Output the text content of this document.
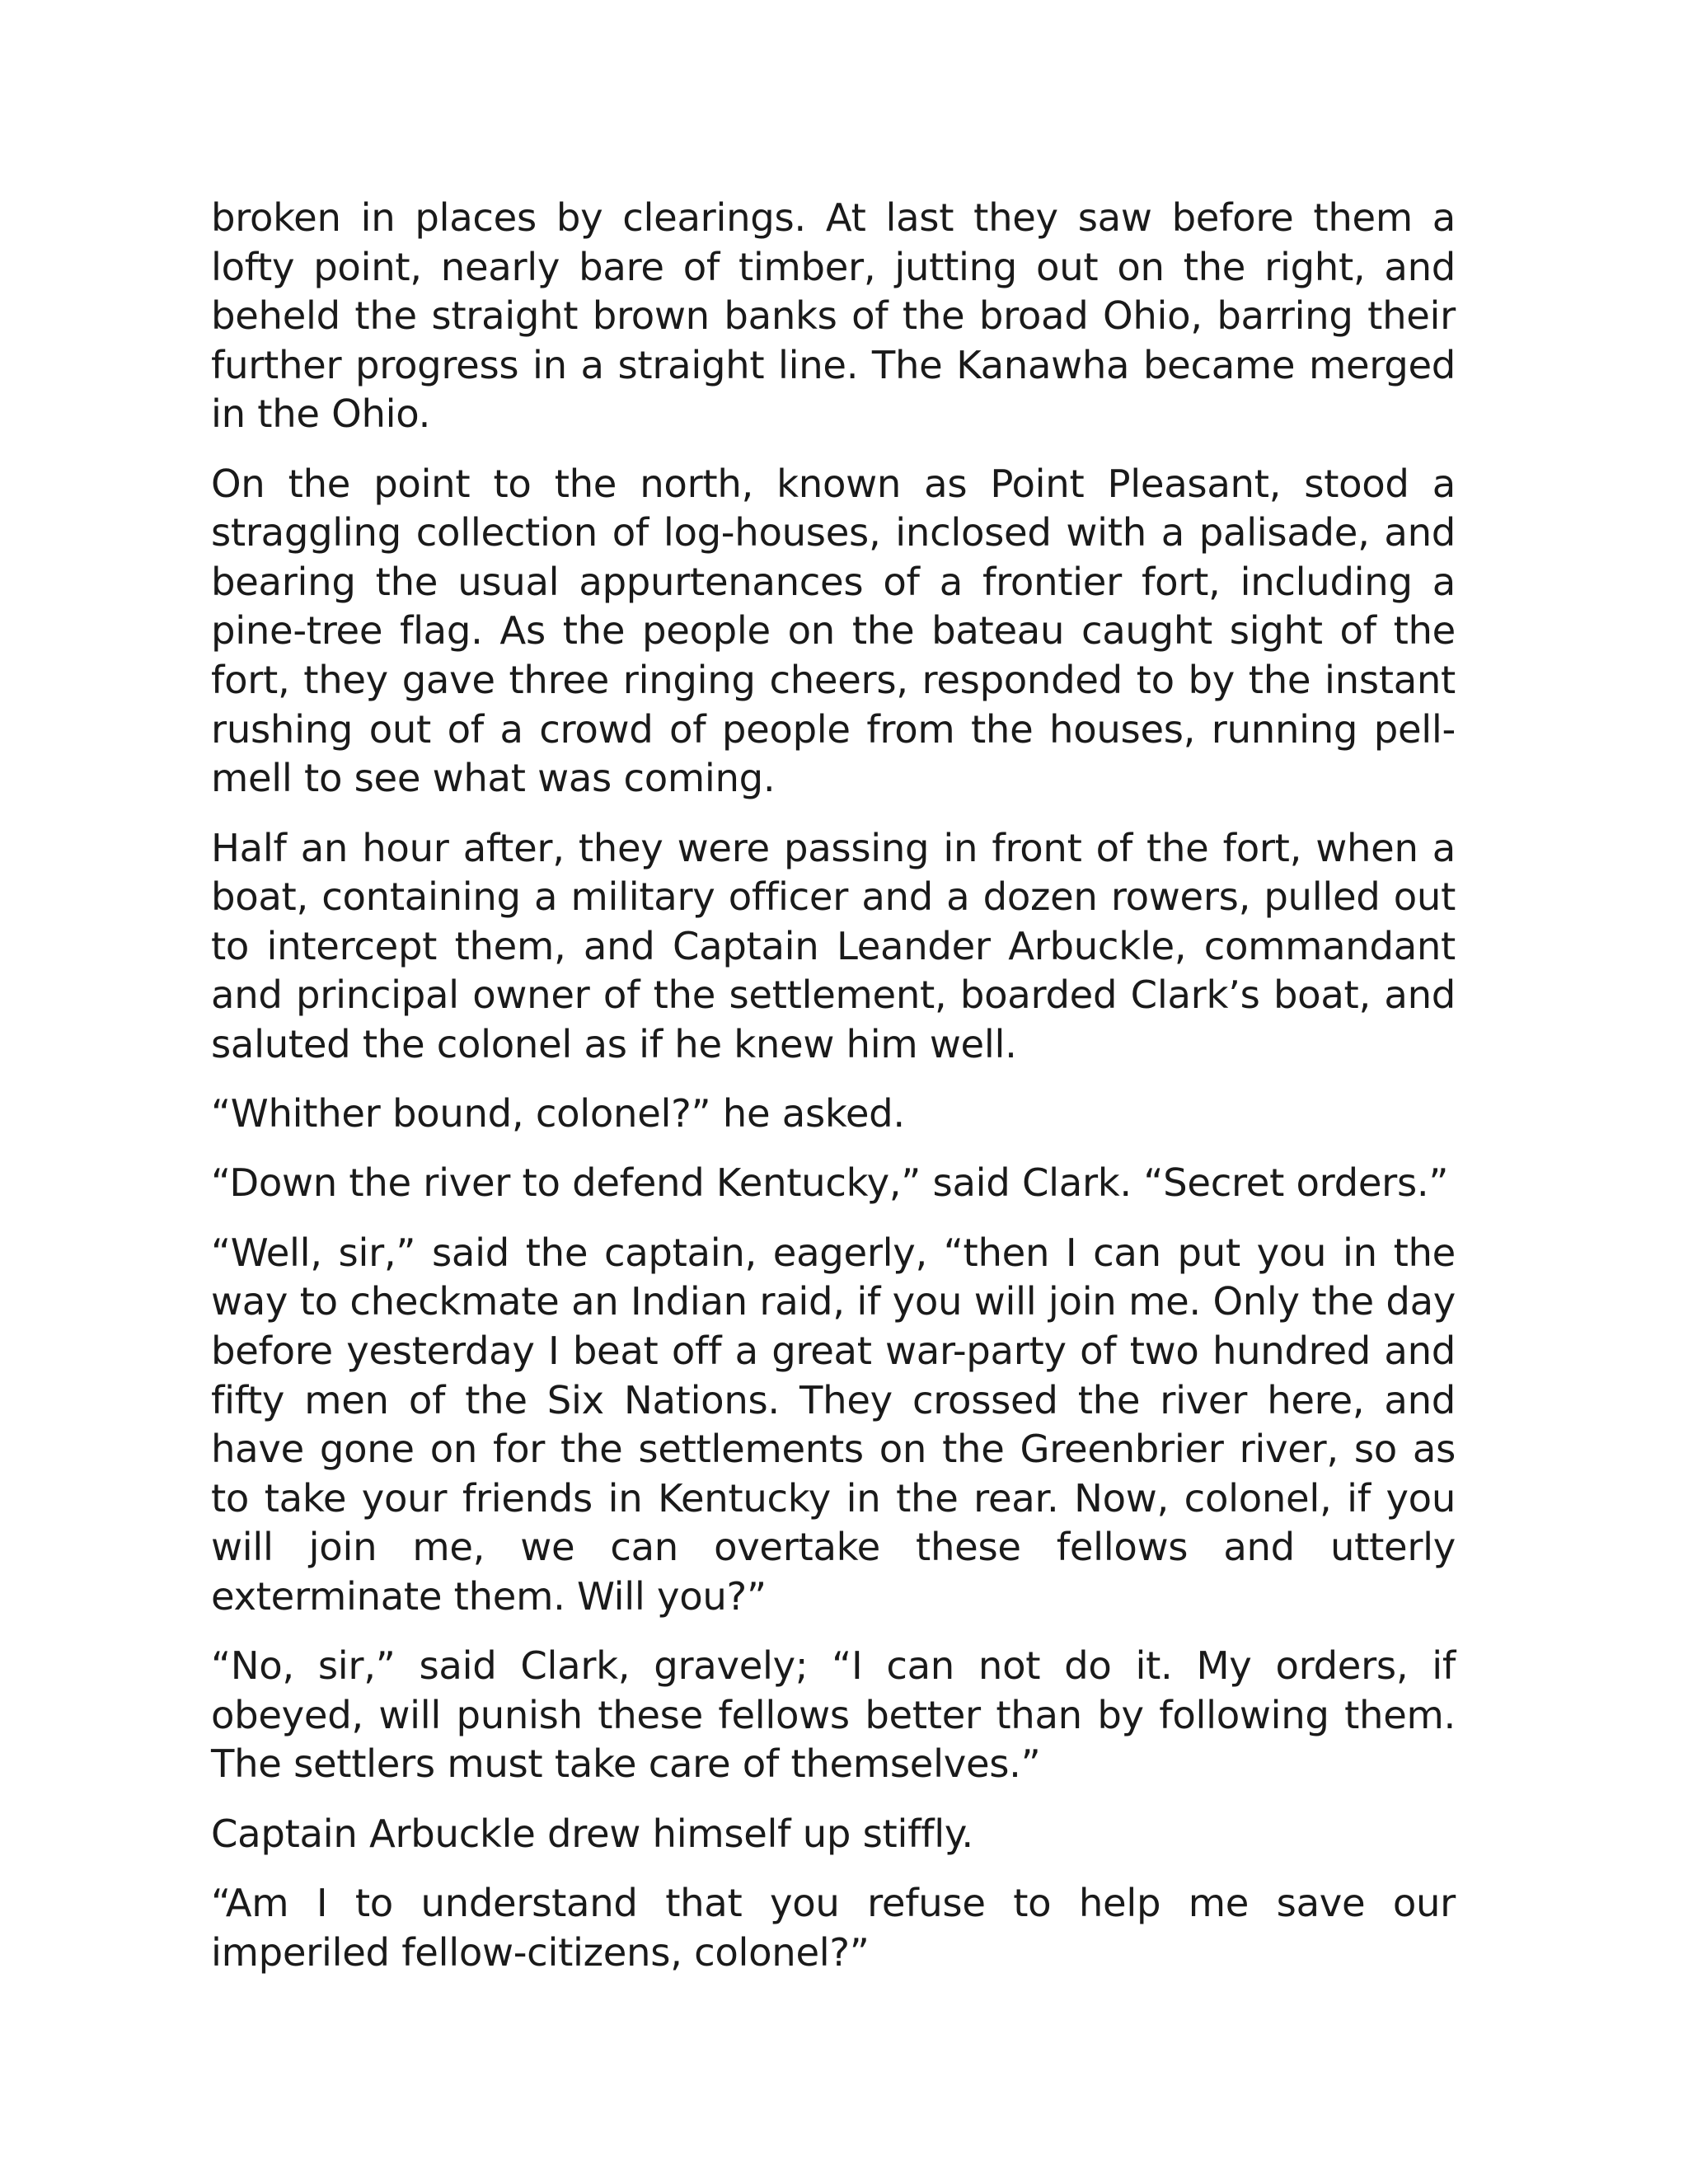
broken in places by clearings. At last they saw before them a lofty point, nearly bare of timber, jutting out on the right, and beheld the straight brown banks of the broad Ohio, barring their further progress in a straight line. The Kanawha became merged in the Ohio.

On the point to the north, known as Point Pleasant, stood a straggling collection of log-houses, inclosed with a palisade, and bearing the usual appurtenances of a frontier fort, including a pine-tree flag. As the people on the bateau caught sight of the fort, they gave three ringing cheers, responded to by the instant rushing out of a crowd of people from the houses, running pell-mell to see what was coming.

Half an hour after, they were passing in front of the fort, when a boat, containing a military officer and a dozen rowers, pulled out to intercept them, and Captain Leander Arbuckle, commandant and principal owner of the settlement, boarded Clark’s boat, and saluted the colonel as if he knew him well.

“Whither bound, colonel?” he asked.

“Down the river to defend Kentucky,” said Clark. “Secret orders.”

“Well, sir,” said the captain, eagerly, “then I can put you in the way to checkmate an Indian raid, if you will join me. Only the day before yesterday I beat off a great war-party of two hundred and fifty men of the Six Nations. They crossed the river here, and have gone on for the settlements on the Greenbrier river, so as to take your friends in Kentucky in the rear. Now, colonel, if you will join me, we can overtake these fellows and utterly exterminate them. Will you?”

“No, sir,” said Clark, gravely; “I can not do it. My orders, if obeyed, will punish these fellows better than by following them. The settlers must take care of themselves.”

Captain Arbuckle drew himself up stiffly.

“Am I to understand that you refuse to help me save our imperiled fellow-citizens, colonel?”
